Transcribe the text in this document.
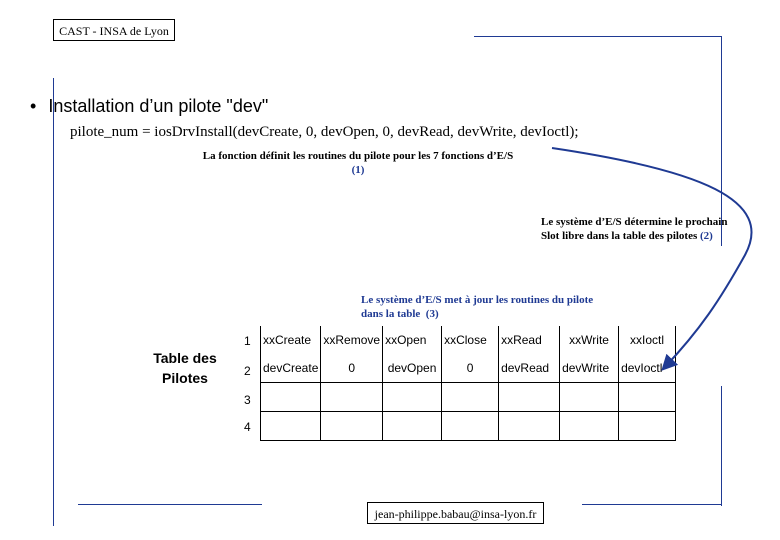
CAST - INSA de Lyon
• Installation d’un pilote "dev"
pilote_num = iosDrvInstall(devCreate, 0, devOpen, 0, devRead, devWrite, devIoctl);
La fonction définit les routines du pilote pour les 7 fonctions d’E/S
(1)
Le système d’E/S détermine le prochain
Slot libre dans la table des pilotes (2)
Le système d’E/S met à jour les routines du pilote
dans la table (3)
Table des
Pilotes
1
2
3
4
xxCreate	xxRemove	xxOpen	xxClose	xxRead	xxWrite	xxIoctl
devCreate	0	devOpen	0	devRead	devWrite	devIoctl

jean-philippe.babau@insa-lyon.fr
